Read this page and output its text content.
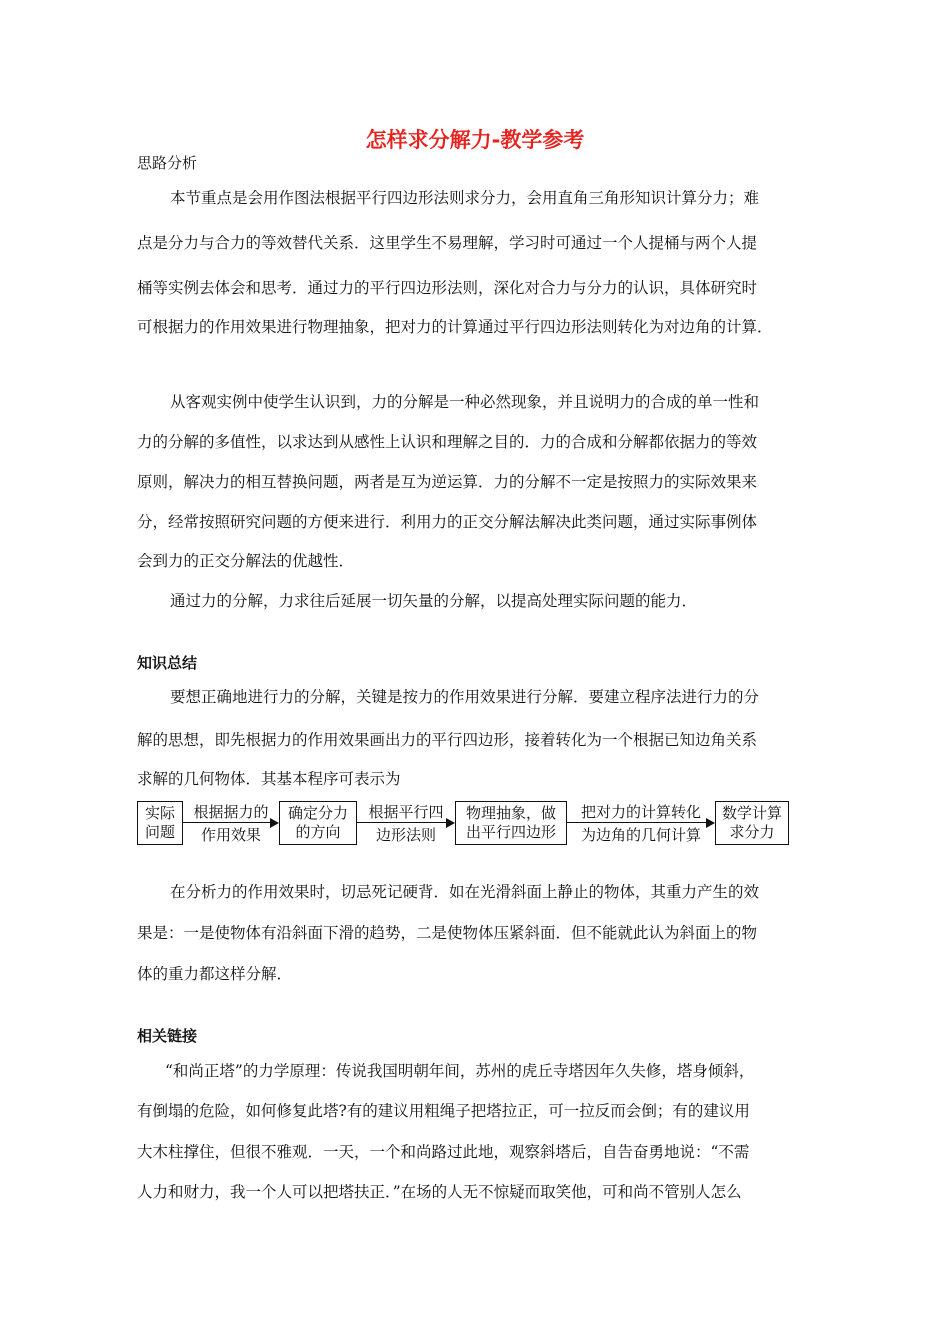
怎样求分解力-教学参考
思路分析
本节重点是会用作图法根据平行四边形法则求分力，会用直角三角形知识计算分力；难
点是分力与合力的等效替代关系．这里学生不易理解，学习时可通过一个人提桶与两个人提
桶等实例去体会和思考．通过力的平行四边形法则，深化对合力与分力的认识，具体研究时
可根据力的作用效果进行物理抽象，把对力的计算通过平行四边形法则转化为对边角的计算．
从客观实例中使学生认识到，力的分解是一种必然现象，并且说明力的合成的单一性和
力的分解的多值性，以求达到从感性上认识和理解之目的．力的合成和分解都依据力的等效
原则，解决力的相互替换问题，两者是互为逆运算．力的分解不一定是按照力的实际效果来
分，经常按照研究问题的方便来进行．利用力的正交分解法解决此类问题，通过实际事例体
会到力的正交分解法的优越性．
通过力的分解，力求往后延展一切矢量的分解，以提高处理实际问题的能力．
知识总结
要想正确地进行力的分解，关键是按力的作用效果进行分解．要建立程序法进行力的分
解的思想，即先根据力的作用效果画出力的平行四边形，接着转化为一个根据已知边角关系
求解的几何物体．其基本程序可表示为
实际
问题
根据据力的
作用效果
确定分力
的方向
根据平行四
边形法则
物理抽象，做
出平行四边形
把对力的计算转化
为边角的几何计算
数学计算
求分力
在分析力的作用效果时，切忌死记硬背．如在光滑斜面上静止的物体，其重力产生的效
果是：一是使物体有沿斜面下滑的趋势，二是使物体压紧斜面．但不能就此认为斜面上的物
体的重力都这样分解．
相关链接
“和尚正塔”的力学原理：传说我国明朝年间，苏州的虎丘寺塔因年久失修，塔身倾斜，
有倒塌的危险，如何修复此塔?有的建议用粗绳子把塔拉正，可一拉反而会倒；有的建议用
大木柱撑住，但很不雅观．一天，一个和尚路过此地，观察斜塔后，自告奋勇地说：“不需
人力和财力，我一个人可以把塔扶正．”在场的人无不惊疑而取笑他，可和尚不管别人怎么
